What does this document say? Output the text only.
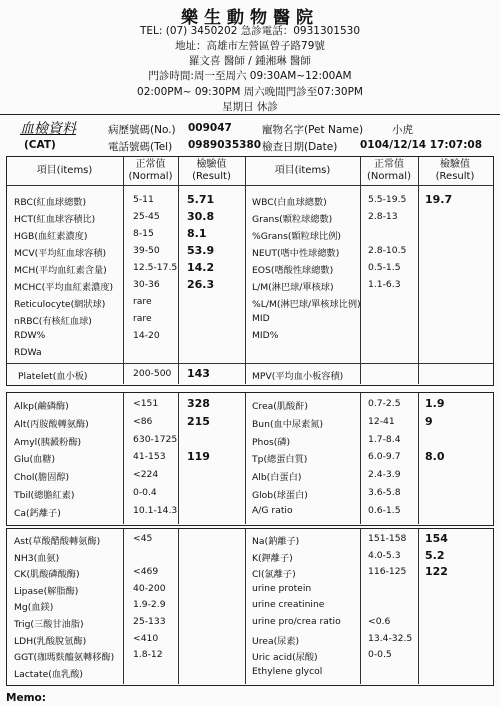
樂生動物醫院
TEL: (07) 3450202 急診電話：0931301530
地址：高雄市左營區曾子路79號
羅文喜 醫師 / 鍾湘琳 醫師
門診時間:周一至周六 09:30AM~12:00AM
02:00PM~ 09:30PM 周六晚間門診至07:30PM
星期日 休診
血檢資料
(CAT)
病歷號碼(No.) 009047
電話號碼(Tel) 0989035380
寵物名字(Pet Name)	小虎
檢查日期(Date) 0104/12/14 17:07:08
項目(items)
正常值
(Normal)
檢驗值
(Result)
項目(items)
正常值
(Normal)
檢驗值
(Result)
RBC(紅血球總數)	5-11	5.71
HCT(紅血球容積比)	25-45 30.8
HGB(血紅素濃度)	8-15	8.1
MCV(平均紅血球容積)	39-50 53.9
MCH(平均血紅素含量)	12.5-17.5 14.2
MCHC(平均血紅素濃度) 30-36 26.3
Reticulocyte(網狀球)	rare
nRBC(有核紅血球)	rare
RDW%	14-20
RDWa
WBC(白血球總數)	5.5-19.5 19.7
Grans(顆粒球總數)	2.8-13
%Grans(顆粒球比例)
NEUT(嗜中性球總數)	2.8-10.5
EOS(嗜酸性球總數)	0.5-1.5
L/M(淋巴球/單核球)	1.1-6.3
%L/M(淋巴球/單核球比例)
MID
MID%
Platelet(血小板)	200-500 143	MPV(平均血小板容積)
Alkp(鹼磷酶)	<151	328
Alt(丙胺酸轉氨酶)	<86	215
Amyl(胰澱粉酶)	630-1725
Glu(血糖)	41-153 119
Chol(膽固醇)	<224
Tbil(總膽紅素)	0-0.4
Ca(鈣離子)	10.1-14.3
Crea(肌酸酐)	0.7-2.5 1.9
Bun(血中尿素氮)	12-41	9
Phos(磷)	1.7-8.4
Tp(總蛋白質)	6.0-9.7 8.0
Alb(白蛋白)	2.4-3.9
Glob(球蛋白)	3.6-5.8
A/G ratio	0.6-1.5
Ast(草酸醋酸轉氨酶)	<45
NH3(血氨)
CK(肌酸磷酸酶)	<469
Lipase(解脂酶)	40-200
Mg(血鎂)	1.9-2.9
Trig(三酸甘油脂)	25-133
LDH(乳酸脫氫酶)	<410
GGT(珈瑪麩醯氨轉移酶) 1.8-12
Lactate(血乳酸)
Na(鈉離子)	151-158 154
K(鉀離子)	4.0-5.3 5.2
Cl(氯離子)	116-125 122
urine protein
urine creatinine
urine pro/crea ratio	<0.6
Urea(尿素)	13.4-32.5
Uric acid(尿酸)	0-0.5
Ethylene glycol
Memo:
